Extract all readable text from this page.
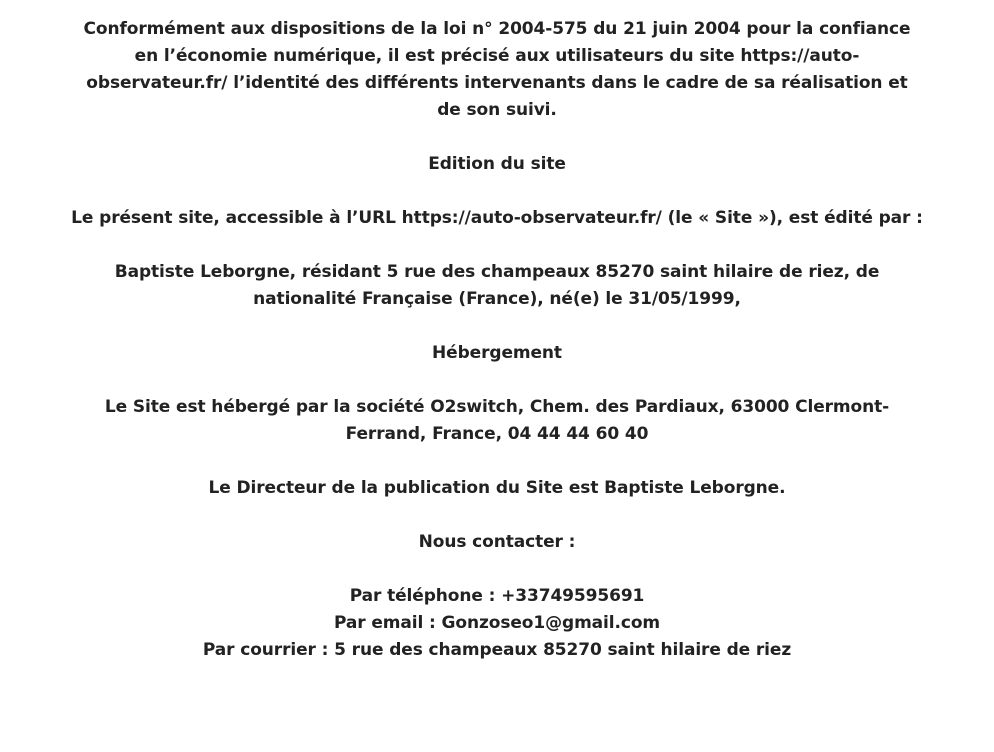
Conformément aux dispositions de la loi n° 2004-575 du 21 juin 2004 pour la confiance en l’économie numérique, il est précisé aux utilisateurs du site https://auto-observateur.fr/ l’identité des différents intervenants dans le cadre de sa réalisation et de son suivi.

Edition du site

Le présent site, accessible à l’URL https://auto-observateur.fr/ (le « Site »), est édité par :

Baptiste Leborgne, résidant 5 rue des champeaux 85270 saint hilaire de riez, de nationalité Française (France), né(e) le 31/05/1999,

Hébergement

Le Site est hébergé par la société O2switch, Chem. des Pardiaux, 63000 Clermont-Ferrand, France, 04 44 44 60 40

Le Directeur de la publication du Site est Baptiste Leborgne.

Nous contacter :

Par téléphone : +33749595691

Par email : Gonzoseo1@gmail.com

Par courrier : 5 rue des champeaux 85270 saint hilaire de riez
